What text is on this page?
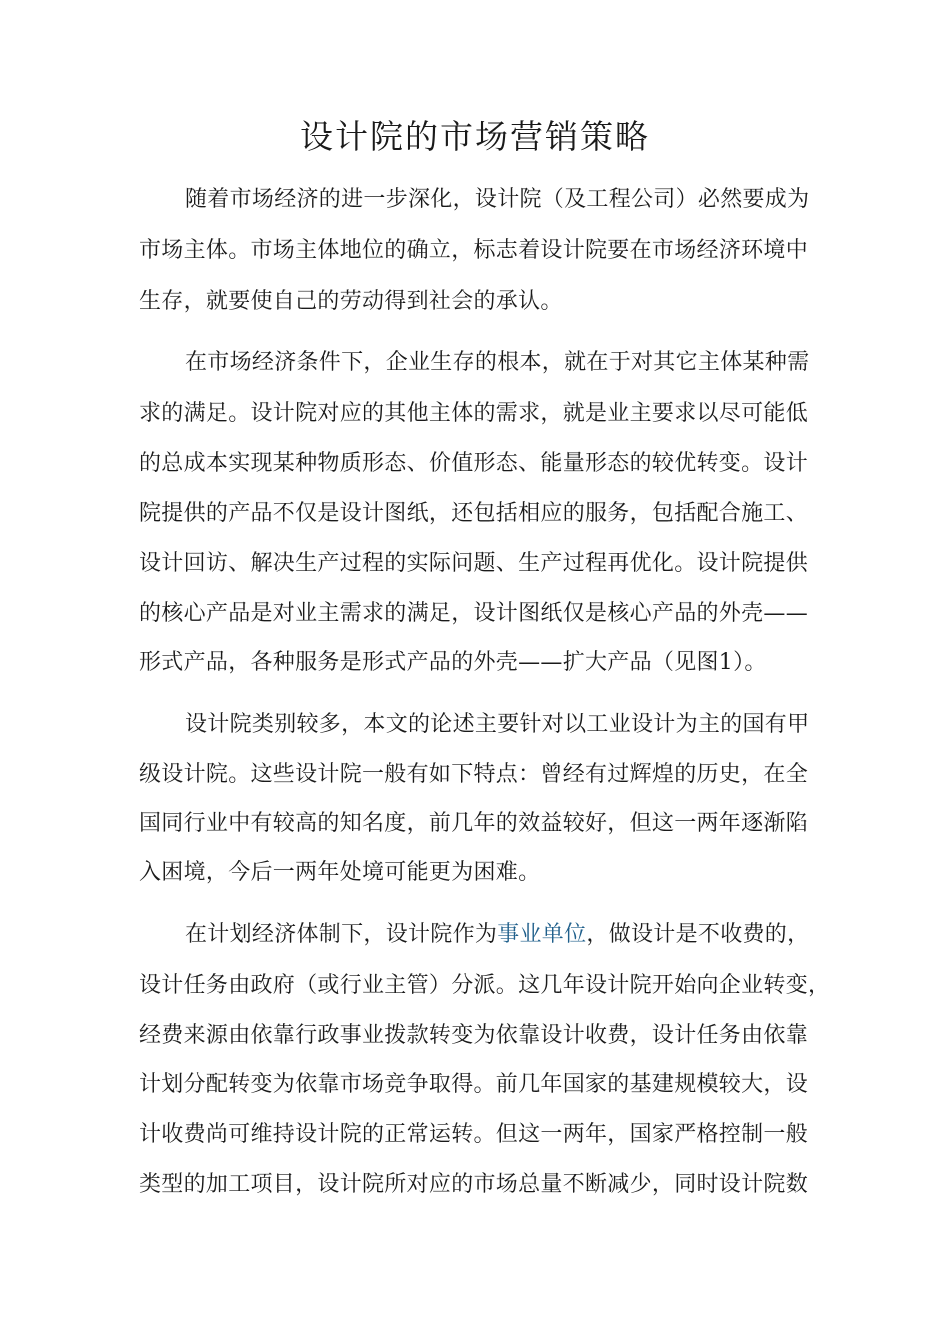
设计院的市场营销策略
随着市场经济的进一步深化，设计院（及工程公司）必然要成为
市场主体。市场主体地位的确立，标志着设计院要在市场经济环境中
生存，就要使自己的劳动得到社会的承认。
在市场经济条件下，企业生存的根本，就在于对其它主体某种需
求的满足。设计院对应的其他主体的需求，就是业主要求以尽可能低
的总成本实现某种物质形态、价值形态、能量形态的较优转变。设计
院提供的产品不仅是设计图纸，还包括相应的服务，包括配合施工、
设计回访、解决生产过程的实际问题、生产过程再优化。设计院提供
的核心产品是对业主需求的满足，设计图纸仅是核心产品的外壳——
形式产品，各种服务是形式产品的外壳——扩大产品（见图1）。
设计院类别较多，本文的论述主要针对以工业设计为主的国有甲
级设计院。这些设计院一般有如下特点：曾经有过辉煌的历史，在全
国同行业中有较高的知名度，前几年的效益较好，但这一两年逐渐陷
入困境，今后一两年处境可能更为困难。
在计划经济体制下，设计院作为事业单位，做设计是不收费的，
设计任务由政府（或行业主管）分派。这几年设计院开始向企业转变，
经费来源由依靠行政事业拨款转变为依靠设计收费，设计任务由依靠
计划分配转变为依靠市场竞争取得。前几年国家的基建规模较大，设
计收费尚可维持设计院的正常运转。但这一两年，国家严格控制一般
类型的加工项目，设计院所对应的市场总量不断减少，同时设计院数
